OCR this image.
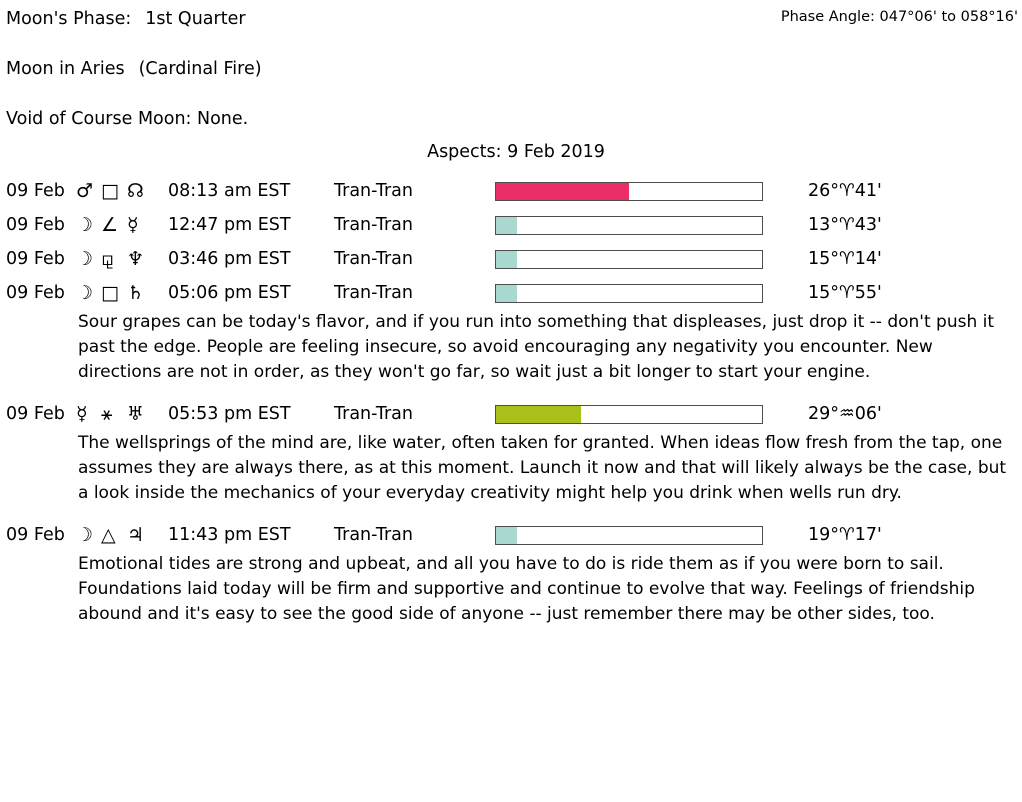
Moon's Phase: 1st Quarter	Phase Angle: 047°06' to 058°16'
Moon in Aries (Cardinal Fire)
Void of Course Moon: None.
Aspects: 9 Feb 2019
09 Feb ♂ □ ☊ 08:13 am EST	Tran-Tran	26°♈41'
09 Feb ☽ ∠ ☿	12:47 pm EST Tran-Tran	13°♈43'
09 Feb ☽ ⚼ ♆ 03:46 pm EST Tran-Tran	15°♈14'
09 Feb ☽ □ ♄ 05:06 pm EST Tran-Tran	15°♈55'
Sour grapes can be today's flavor, and if you run into something that displeases, just drop it -- don't push it past the edge. People are feeling insecure, so avoid encouraging any negativity you encounter. New directions are not in order, as they won't go far, so wait just a bit longer to start your engine.
09 Feb ☿ ⚹ ♅ 05:53 pm EST Tran-Tran	29°♒06'
The wellsprings of the mind are, like water, often taken for granted. When ideas flow fresh from the tap, one assumes they are always there, as at this moment. Launch it now and that will likely always be the case, but a look inside the mechanics of your everyday creativity might help you drink when wells run dry.
09 Feb ☽ △ ♃ 11:43 pm EST Tran-Tran	19°♈17'
Emotional tides are strong and upbeat, and all you have to do is ride them as if you were born to sail. Foundations laid today will be firm and supportive and continue to evolve that way. Feelings of friendship abound and it's easy to see the good side of anyone -- just remember there may be other sides, too.
